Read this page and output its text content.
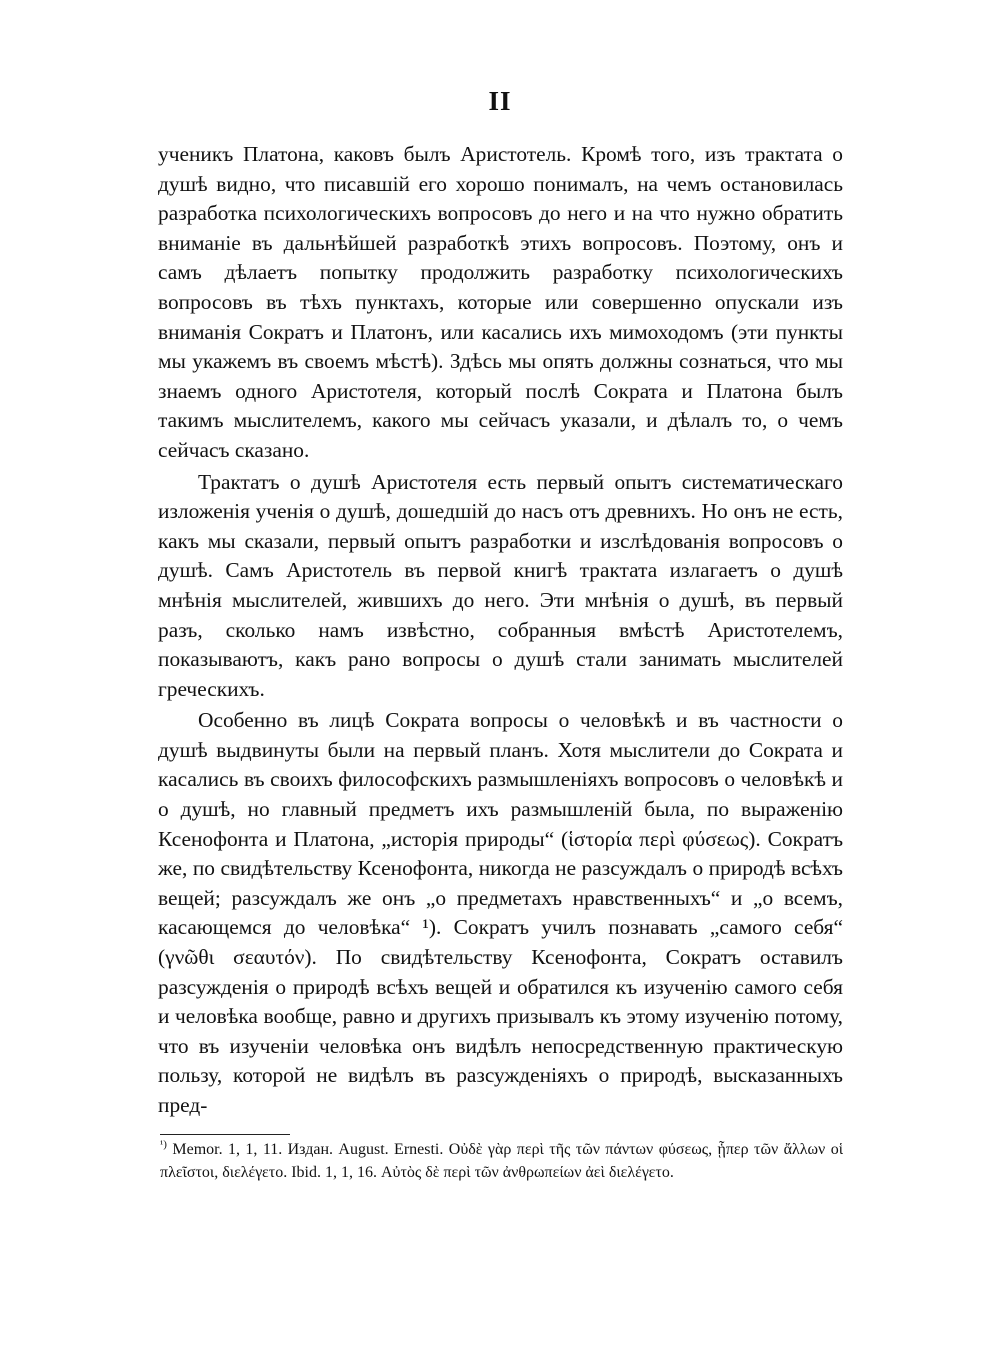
II

ученикъ Платона, каковъ былъ Аристотель. Кромѣ того, изъ трактата о душѣ видно, что писавшій его хорошо понималъ, на чемъ остановилась разработка психологическихъ вопросовъ до него и на что нужно обратить вниманіе въ дальнѣйшей разработкѣ этихъ вопросовъ. Поэтому, онъ и самъ дѣлаетъ попытку продолжить разработку психологическихъ вопросовъ въ тѣхъ пунктахъ, которые или совершенно опускали изъ вниманія Сократъ и Платонъ, или касались ихъ мимоходомъ (эти пункты мы укажемъ въ своемъ мѣстѣ). Здѣсь мы опять должны сознаться, что мы знаемъ одного Аристотеля, который послѣ Сократа и Платона былъ такимъ мыслителемъ, какого мы сейчасъ указали, и дѣлалъ то, о чемъ сейчасъ сказано.

Трактатъ о душѣ Аристотеля есть первый опытъ систематическаго изложенія ученія о душѣ, дошедшій до насъ отъ древнихъ. Но онъ не есть, какъ мы сказали, первый опытъ разработки и изслѣдованія вопросовъ о душѣ. Самъ Аристотель въ первой книгѣ трактата излагаетъ о душѣ мнѣнія мыслителей, жившихъ до него. Эти мнѣнія о душѣ, въ первый разъ, сколько намъ извѣстно, собранныя вмѣстѣ Аристотелемъ, показываютъ, какъ рано вопросы о душѣ стали занимать мыслителей греческихъ.

Особенно въ лицѣ Сократа вопросы о человѣкѣ и въ частности о душѣ выдвинуты были на первый планъ. Хотя мыслители до Сократа и касались въ своихъ философскихъ размышленіяхъ вопросовъ о человѣкѣ и о душѣ, но главный предметъ ихъ размышленій была, по выраженію Ксенофонта и Платона, „исторія природы“ (ἱστορία περὶ φύσεως). Сократъ же, по свидѣтельству Ксенофонта, никогда не разсуждалъ о природѣ всѣхъ вещей; разсуждалъ же онъ „о предметахъ нравственныхъ“ и „о всемъ, касающемся до человѣка“ ¹). Сократъ училъ познавать „самого себя“ (γνῶθι σεαυτόν). По свидѣтельству Ксенофонта, Сократъ оставилъ разсужденія о природѣ всѣхъ вещей и обратился къ изученію самого себя и человѣка вообще, равно и другихъ призывалъ къ этому изученію потому, что въ изученіи человѣка онъ видѣлъ непосредственную практическую пользу, которой не видѣлъ въ разсужденіяхъ о природѣ, высказанныхъ пред-

$^{^1)}$ Memor. 1, 1, 11. Издан. August. Ernesti. Οὐδὲ γὰρ περὶ τῆς τῶν πάντων φύσεως, ᾗπερ τῶν ἄλλων οἱ πλεῖστοι, διελέγετο. Ibid. 1, 1, 16. Αὐτὸς δὲ περὶ τῶν ἀνθρωπείων ἀεὶ διελέγετο.
